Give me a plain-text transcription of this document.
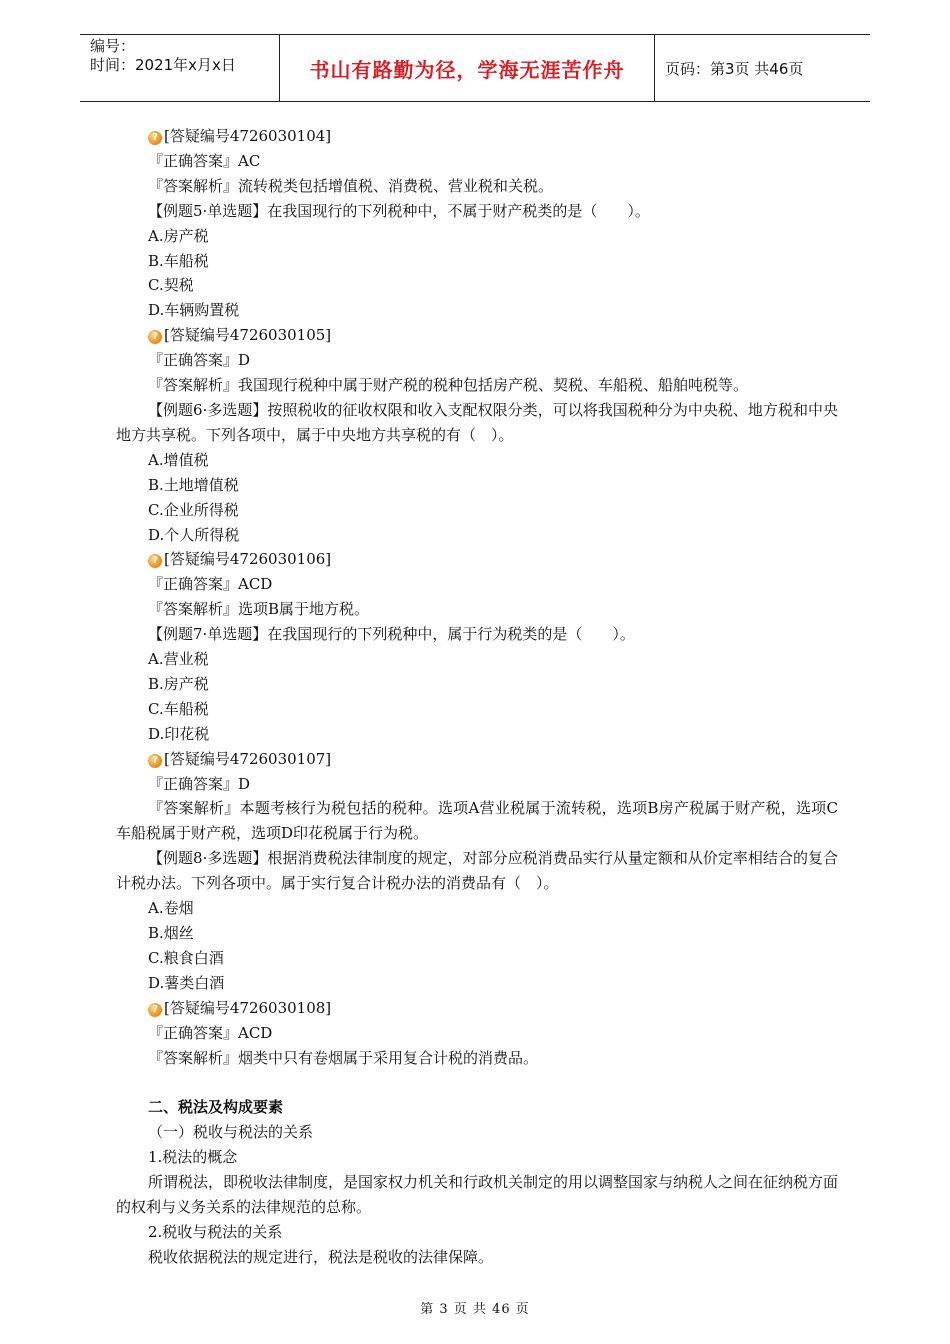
编号：
时间：2021年x月x日	书山有路勤为径，学海无涯苦作舟	页码：第3页 共46页
? [答疑编号4726030104]
『正确答案』AC
『答案解析』流转税类包括增值税、消费税、营业税和关税。
【例题5·单选题】在我国现行的下列税种中，不属于财产税类的是（　　）。
A.房产税
B.车船税
C.契税
D.车辆购置税
? [答疑编号4726030105]
『正确答案』D
『答案解析』我国现行税种中属于财产税的税种包括房产税、契税、车船税、船舶吨税等。
【例题6·多选题】按照税收的征收权限和收入支配权限分类，可以将我国税种分为中央税、地方税和中央地方共享税。下列各项中，属于中央地方共享税的有（　）。
A.增值税
B.土地增值税
C.企业所得税
D.个人所得税
? [答疑编号4726030106]
『正确答案』ACD
『答案解析』选项B属于地方税。
【例题7·单选题】在我国现行的下列税种中，属于行为税类的是（　　）。
A.营业税
B.房产税
C.车船税
D.印花税
? [答疑编号4726030107]
『正确答案』D
『答案解析』本题考核行为税包括的税种。选项A营业税属于流转税，选项B房产税属于财产税，选项C车船税属于财产税，选项D印花税属于行为税。
【例题8·多选题】根据消费税法律制度的规定，对部分应税消费品实行从量定额和从价定率相结合的复合计税办法。下列各项中。属于实行复合计税办法的消费品有（　）。
A.卷烟
B.烟丝
C.粮食白酒
D.薯类白酒
? [答疑编号4726030108]
『正确答案』ACD
『答案解析』烟类中只有卷烟属于采用复合计税的消费品。
二、税法及构成要素
（一）税收与税法的关系
1.税法的概念
所谓税法，即税收法律制度，是国家权力机关和行政机关制定的用以调整国家与纳税人之间在征纳税方面的权利与义务关系的法律规范的总称。
2.税收与税法的关系
税收依据税法的规定进行，税法是税收的法律保障。
第 3 页 共 46 页
